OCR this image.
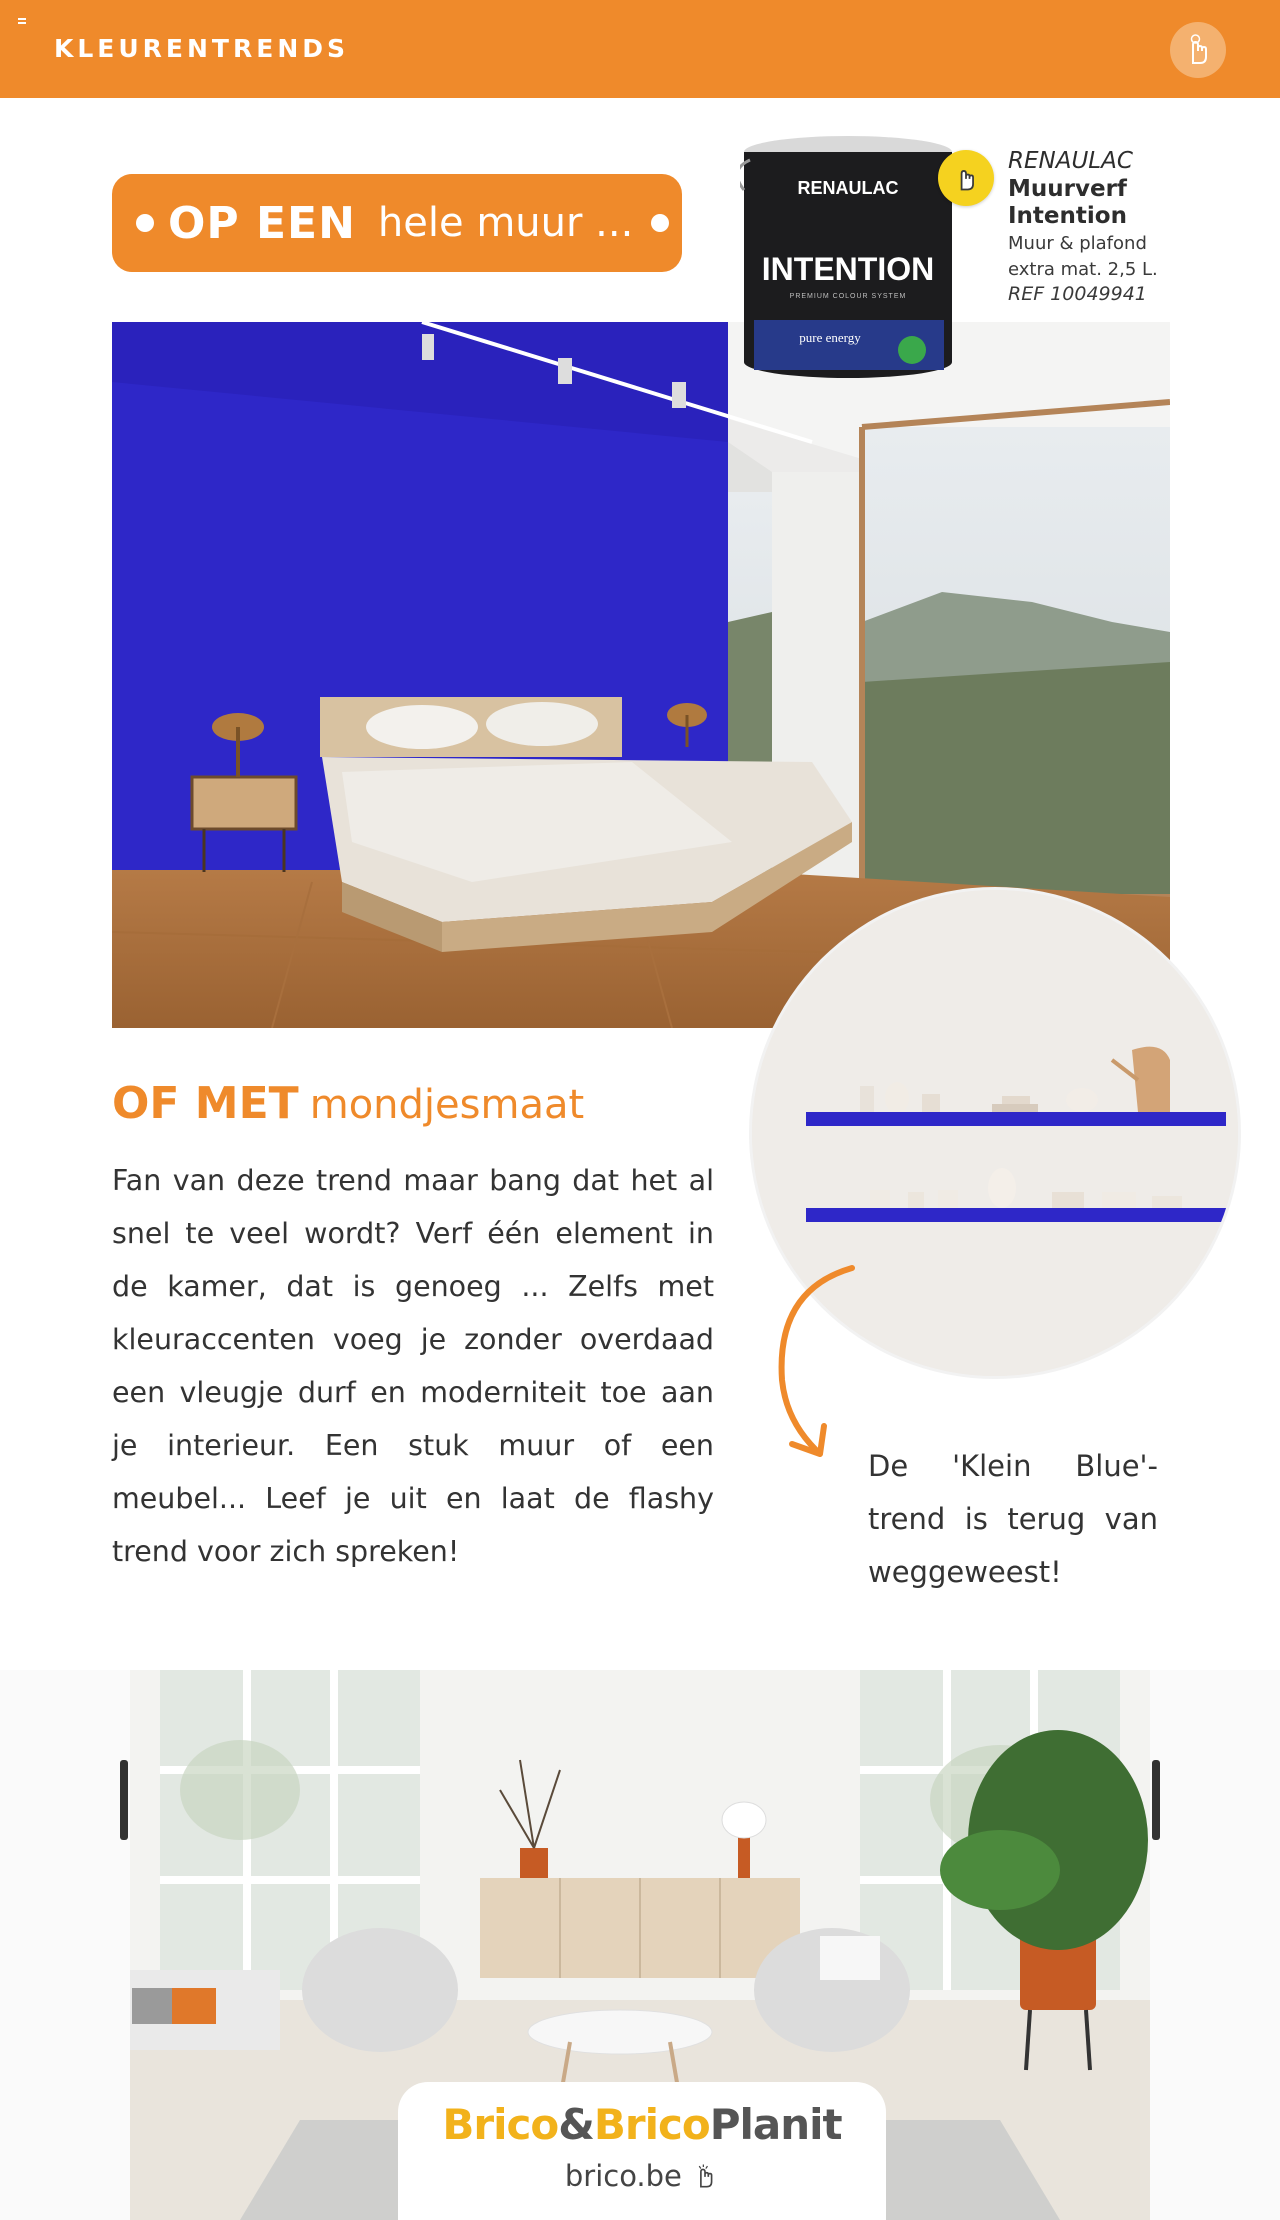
KLEURENTRENDS
OP EEN hele muur ...
RENAULAC
INTENTION
PREMIUM COLOUR SYSTEM
pure energy
RENAULAC
Muurverf
Intention
Muur & plafond
extra mat. 2,5 L.
REF 10049941
OF MET mondjesmaat
Fan van deze trend maar bang dat het al snel te veel wordt? Verf één element in de kamer, dat is genoeg ... Zelfs met kleuraccenten voeg je zonder overdaad een vleugje durf en moderniteit toe aan je interieur. Een stuk muur of een meubel... Leef je uit en laat de flashy trend voor zich spreken!
De 'Klein Blue'-trend is terug van weggeweest!
Brico&BricoPlanit
brico.be
